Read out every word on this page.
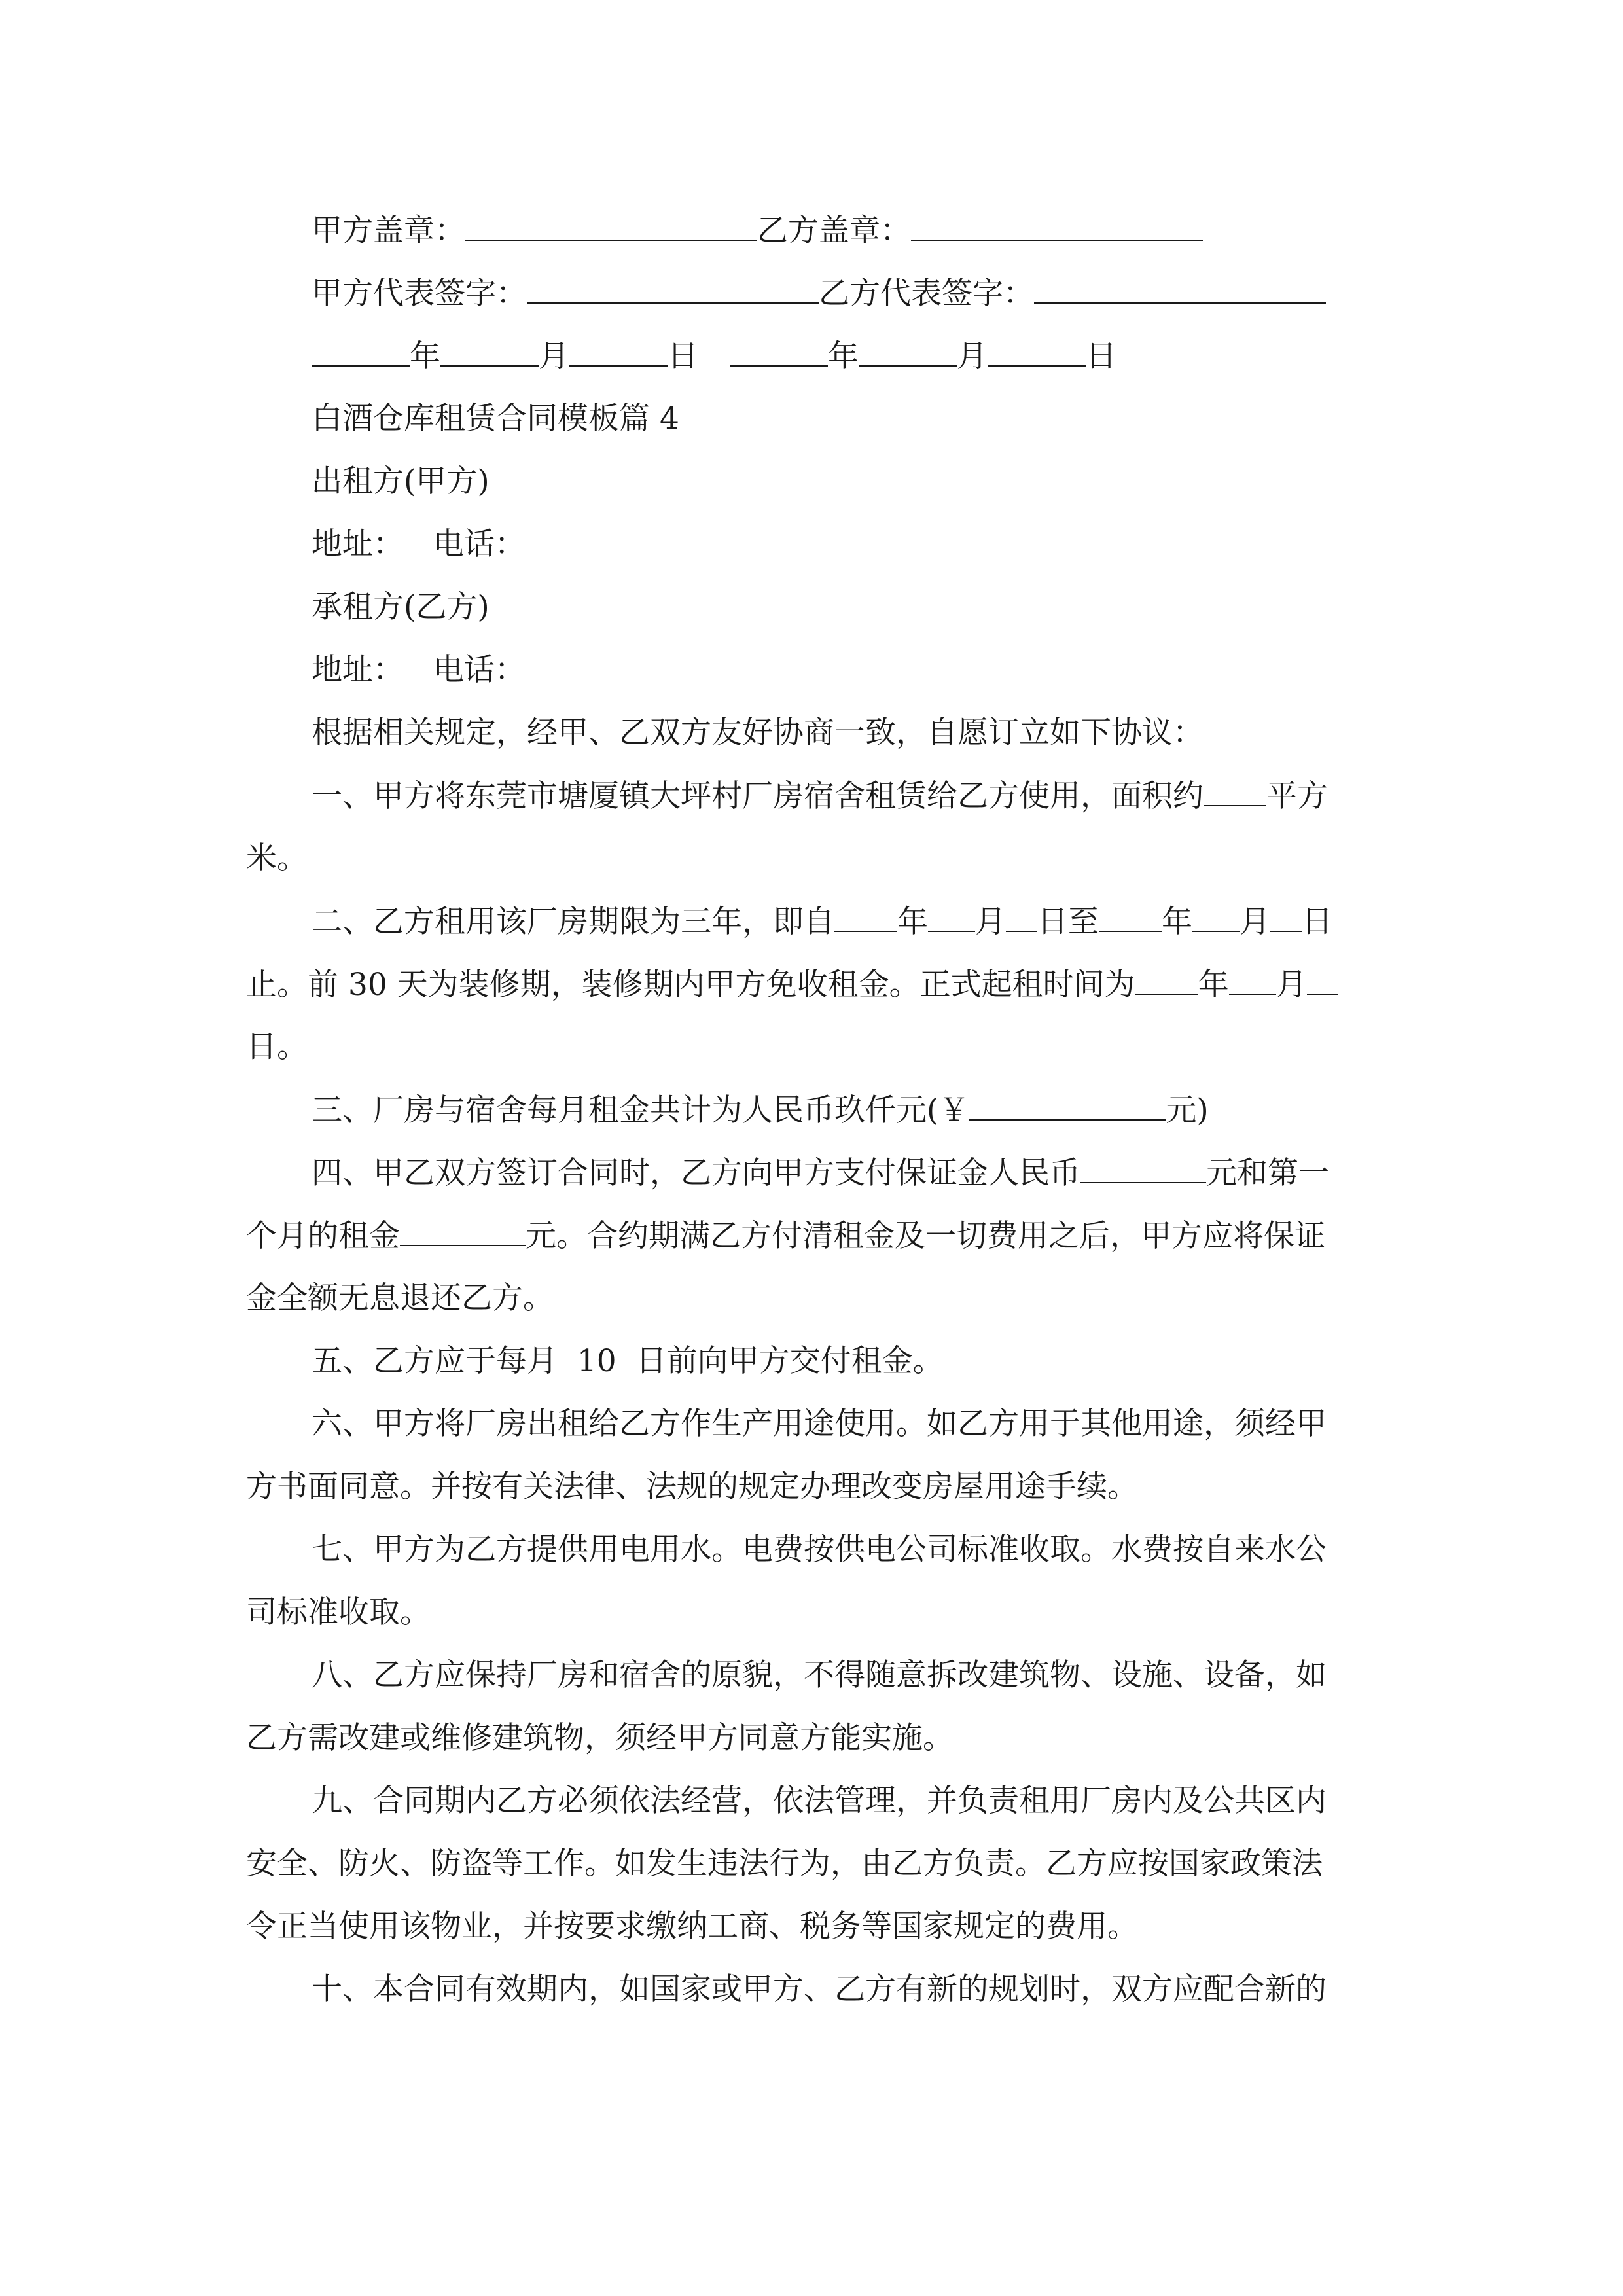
甲方盖章：	乙方盖章：
甲方代表签字：	乙方代表签字：
年	月	日	年	月	日
白酒仓库租赁合同模板篇 4
出租方(甲方)
地址：   电话：
承租方(乙方)
地址：   电话：
根据相关规定，经甲、乙双方友好协商一致，自愿订立如下协议：
一、甲方将东莞市塘厦镇大坪村厂房宿舍租赁给乙方使用，面积约 平方
米。
二、乙方租用该厂房期限为三年，即自 年 月 日至 年 月 日
止。前 30 天为装修期，装修期内甲方免收租金。正式起租时间为 年 月
日。
三、厂房与宿舍每月租金共计为人民币玖仟元(￥	元)
四、甲乙双方签订合同时，乙方向甲方支付保证金人民币	元和第一
个月的租金	元。合约期满乙方付清租金及一切费用之后，甲方应将保证
金全额无息退还乙方。
五、乙方应于每月  10  日前向甲方交付租金。
六、甲方将厂房出租给乙方作生产用途使用。如乙方用于其他用途，须经甲
方书面同意。并按有关法律、法规的规定办理改变房屋用途手续。
七、甲方为乙方提供用电用水。电费按供电公司标准收取。水费按自来水公
司标准收取。
八、乙方应保持厂房和宿舍的原貌，不得随意拆改建筑物、设施、设备，如
乙方需改建或维修建筑物，须经甲方同意方能实施。
九、合同期内乙方必须依法经营，依法管理，并负责租用厂房内及公共区内
安全、防火、防盗等工作。如发生违法行为，由乙方负责。乙方应按国家政策法
令正当使用该物业，并按要求缴纳工商、税务等国家规定的费用。
十、本合同有效期内，如国家或甲方、乙方有新的规划时，双方应配合新的
